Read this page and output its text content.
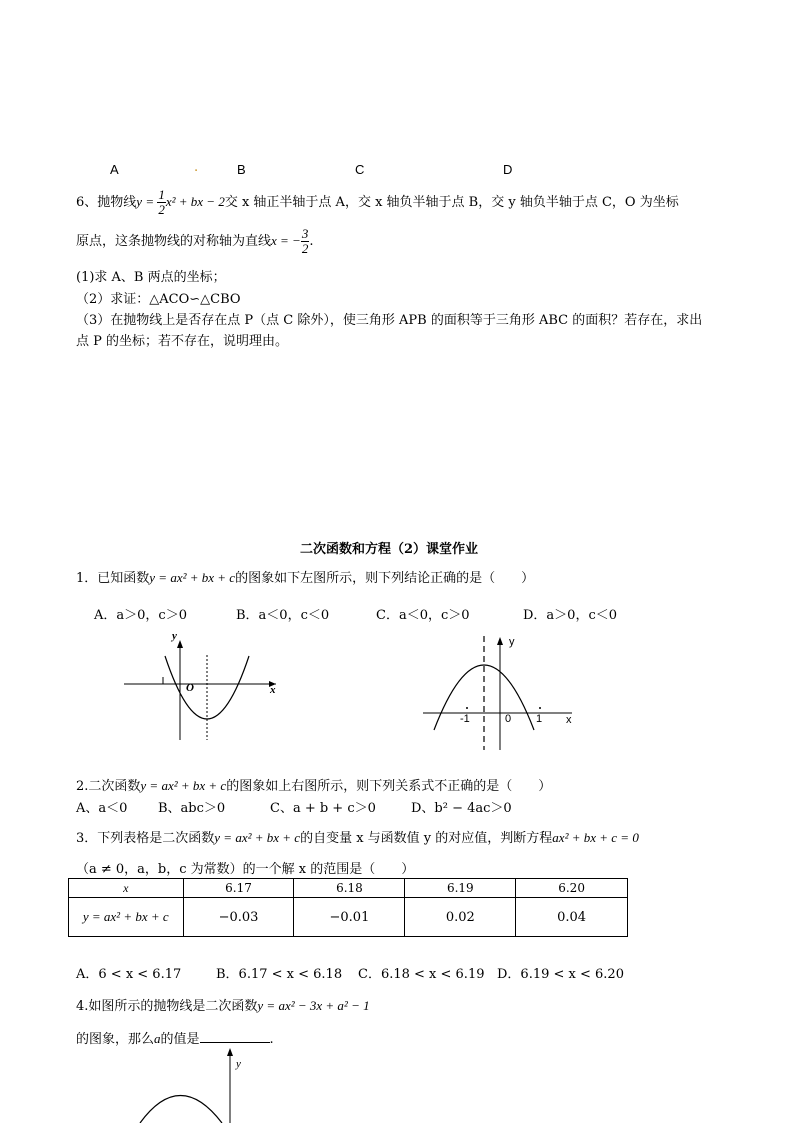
A	.	B	C	D
6、抛物线$y = \frac{1}{2} x^2$ + bx − 2交 x 轴正半轴于点 A，交 x 轴负半轴于点 B，交 y 轴负半轴于点 C，O 为坐标
原点，这条抛物线的对称轴为直线x = − $\frac{3}{2}$ .
(1)求 A、B 两点的坐标；
（2）求证：△ACO∽△CBO
（3）在抛物线上是否存在点 P（点 C 除外），使三角形 APB 的面积等于三角形 ABC 的面积？若存在，求出
点 P 的坐标；若不存在，说明理由。
二次函数和方程（2）课堂作业
1．已知函数y = ax² + bx + c的图象如下左图所示，则下列结论正确的是（　　）
A．a＞0，c＞0	B．a＜0，c＜0	C．a＜0，c＞0	D．a＞0，c＜0
y
x
O
y
x
-1	0 1
2.二次函数y = ax² + bx + c的图象如上右图所示，则下列关系式不正确的是（　　）
A、a＜0 B、abc＞0	C、a + b + c＞0	D、b² − 4ac＞0
3．下列表格是二次函数y = ax² + bx + c的自变量 x 与函数值 y 的对应值，判断方程ax² + bx + c = 0
（a ≠ 0，a，b，c 为常数）的一个解 x 的范围是（　　）
x	6.17	6.18	6.19	6.20
y = ax² + bx + c	−0.03	−0.01	0.02	0.04
A．6 < x < 6.17	B．6.17 < x < 6.18 C．6.18 < x < 6.19 D．6.19 < x < 6.20
4.如图所示的抛物线是二次函数y = ax² − 3x + a² − 1
的图象，那么a的值是	.
y
